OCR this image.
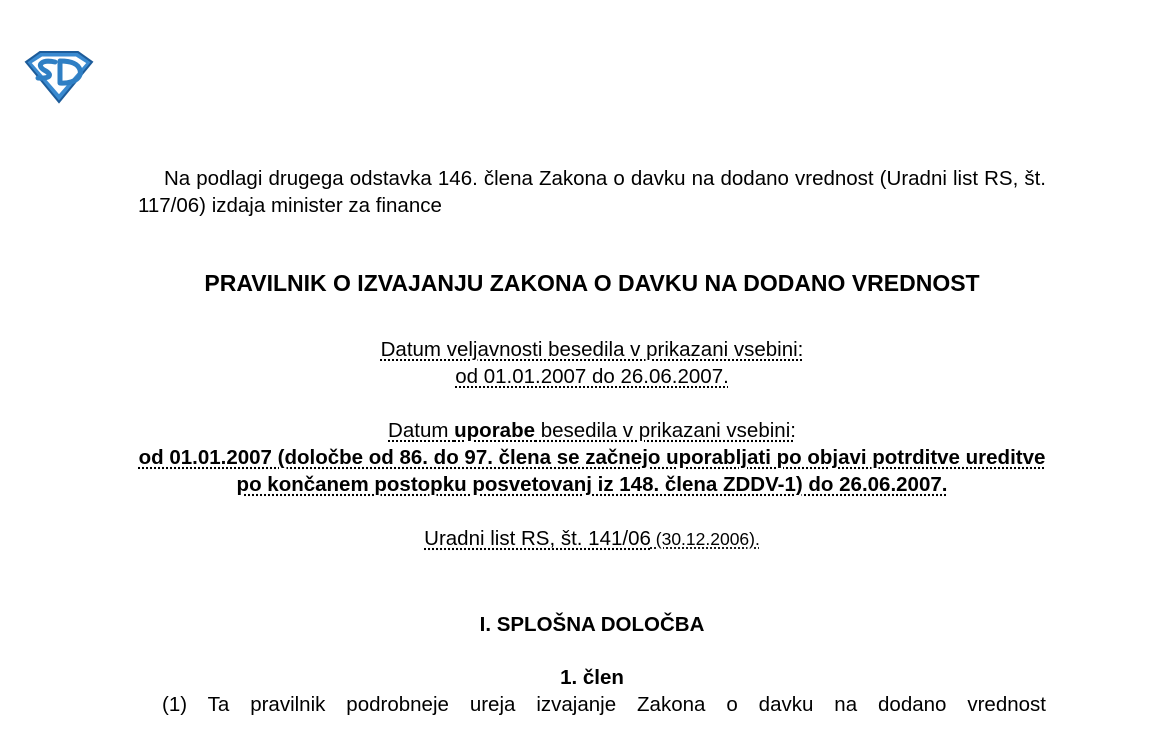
Na podlagi drugega odstavka 146. člena Zakona o davku na dodano vrednost (Uradni list RS, št. 117/06) izdaja minister za finance

PRAVILNIK O IZVAJANJU ZAKONA O DAVKU NA DODANO VREDNOST
Datum veljavnosti besedila v prikazani vsebini:
od 01.01.2007 do 26.06.2007.
Datum uporabe besedila v prikazani vsebini:
od 01.01.2007 (določbe od 86. do 97. člena se začnejo uporabljati po objavi potrditve ureditve po končanem postopku posvetovanj iz 148. člena ZDDV-1) do 26.06.2007.
Uradni list RS, št. 141/06 (30.12.2006).
I. SPLOŠNA DOLOČBA
1. člen

(1) Ta pravilnik podrobneje ureja izvajanje Zakona o davku na dodano vrednost
